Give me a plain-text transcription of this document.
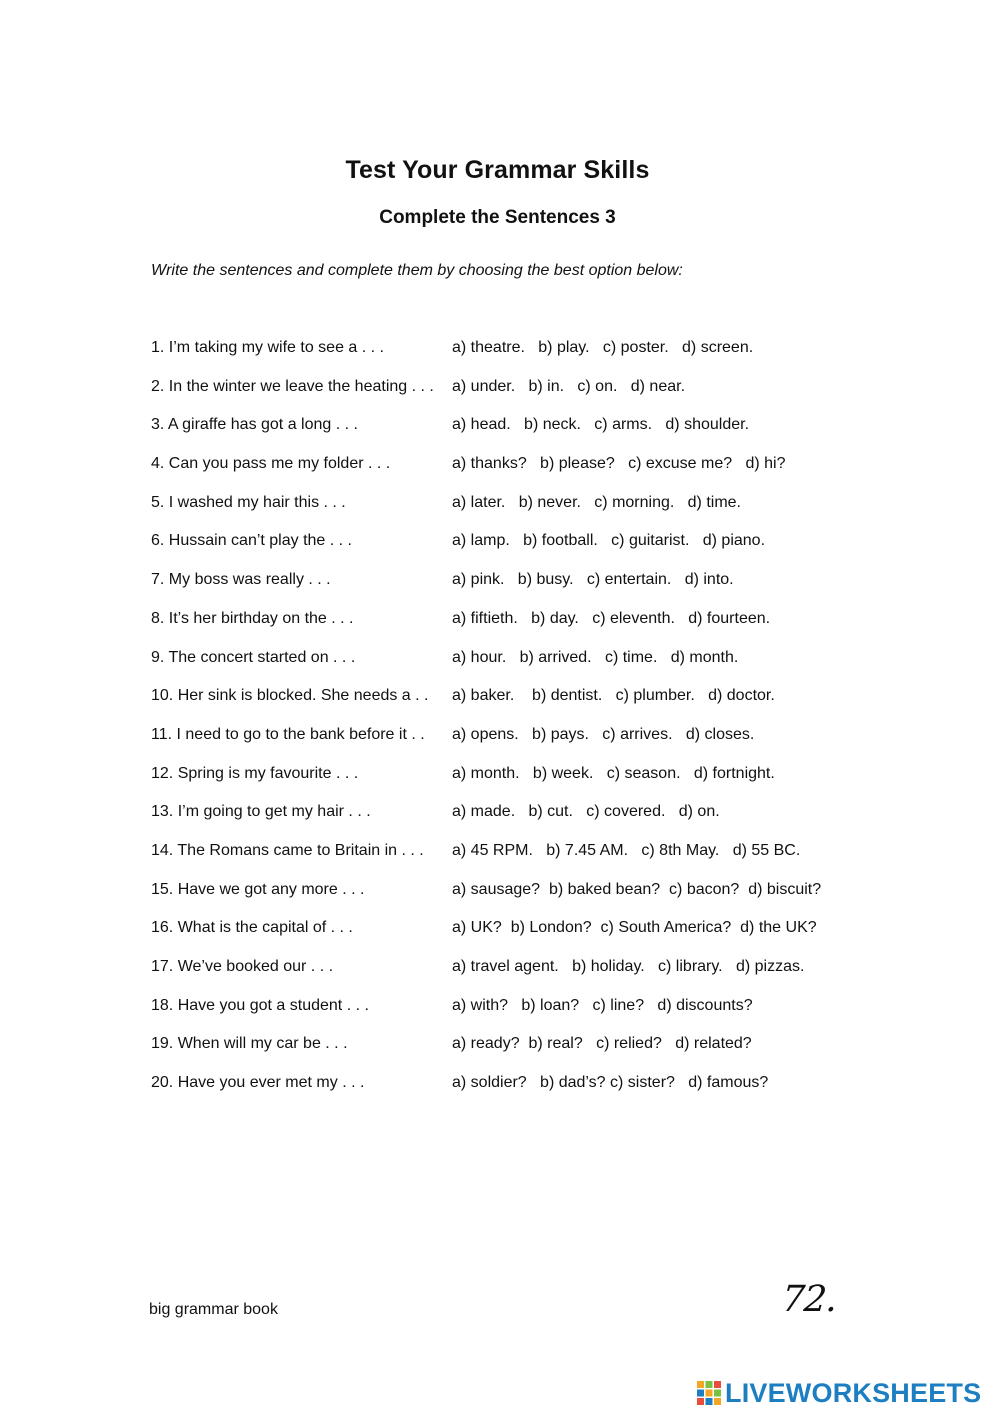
Test Your Grammar Skills
Complete the Sentences 3
Write the sentences and complete them by choosing the best option below:
1. I’m taking my wife to see a . . .	a) theatre.   b) play.   c) poster.   d) screen.
2. In the winter we leave the heating . . .	a) under.   b) in.   c) on.   d) near.
3. A giraffe has got a long . . .	a) head.   b) neck.   c) arms.   d) shoulder.
4. Can you pass me my folder . . .	a) thanks?   b) please?   c) excuse me?   d) hi?
5. I washed my hair this . . .	a) later.   b) never.   c) morning.   d) time.
6. Hussain can’t play the . . .	a) lamp.   b) football.   c) guitarist.   d) piano.
7. My boss was really . . .	a) pink.   b) busy.   c) entertain.   d) into.
8. It’s her birthday on the . . .	a) fiftieth.   b) day.   c) eleventh.   d) fourteen.
9. The concert started on . . .	a) hour.   b) arrived.   c) time.   d) month.
10. Her sink is blocked. She needs a . .	a) baker.    b) dentist.   c) plumber.   d) doctor.
11. I need to go to the bank before it . .	a) opens.   b) pays.   c) arrives.   d) closes.
12. Spring is my favourite . . .	a) month.   b) week.   c) season.   d) fortnight.
13. I’m going to get my hair . . .	a) made.   b) cut.   c) covered.   d) on.
14. The Romans came to Britain in . . .	a) 45 RPM.   b) 7.45 AM.   c) 8th May.   d) 55 BC.
15. Have we got any more . . .	a) sausage?  b) baked bean?  c) bacon?  d) biscuit?
16. What is the capital of . . .	a) UK?  b) London?  c) South America?  d) the UK?
17. We’ve booked our . . .	a) travel agent.   b) holiday.   c) library.   d) pizzas.
18. Have you got a student . . .	a) with?   b) loan?   c) line?   d) discounts?
19. When will my car be . . .	a) ready?  b) real?   c) relied?   d) related?
20. Have you ever met my . . .	a) soldier?   b) dad’s? c) sister?   d) famous?
big grammar book	72.
LIVEWORKSHEETS
